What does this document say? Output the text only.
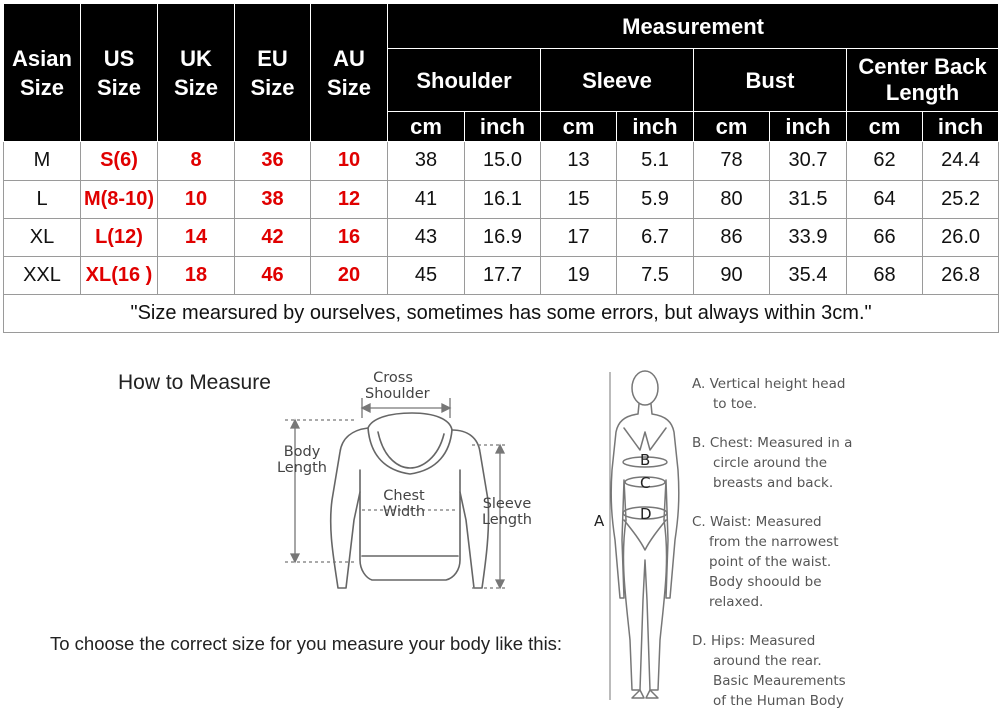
Asian Size	US Size	UK Size	EU Size	AU Size	Measurement							
					Shoulder		Sleeve		Bust		Center Back Length	
					cm	inch	cm	inch	cm	inch	cm	inch
M	S(6)	8	36	10	38	15.0	13	5.1	78	30.7	62	24.4
L	M(8-10)	10	38	12	41	16.1	15	5.9	80	31.5	64	25.2
XL	L(12)	14	42	16	43	16.9	17	6.7	86	33.9	66	26.0
XXL	XL(16 )	18	46	20	45	17.7	19	7.5	90	35.4	68	26.8
"Size mearsured by ourselves, sometimes has some errors, but always within 3cm."												
How to Measure	Cross
Shoulder
Body
Length
Chest
Width	Sleeve
Length
To choose the correct size for you measure your body like this:
A
B
C
D
A. Vertical height head
to toe.
B. Chest: Measured in a
circle around the
breasts and back.
C. Waist: Measured
from the narrowest
point of the waist.
Body shoould be
relaxed.
D. Hips: Measured
around the rear.
Basic Meaurements
of the Human Body
